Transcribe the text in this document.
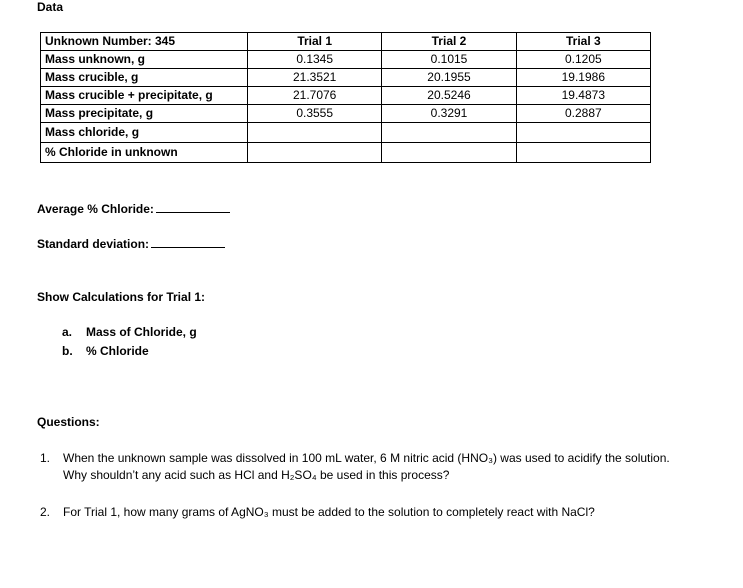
Data
Unknown Number: 345	Trial 1	Trial 2	Trial 3
Mass unknown, g	0.1345	0.1015	0.1205
Mass crucible, g	21.3521	20.1955	19.1986
Mass crucible + precipitate, g	21.7076	20.5246	19.4873
Mass precipitate, g	0.3555	0.3291	0.2887
Mass chloride, g			
% Chloride in unknown			
Average % Chloride:
Standard deviation:
Show Calculations for Trial 1:
a. Mass of Chloride, g
b. % Chloride
Questions:
1. When the unknown sample was dissolved in 100 mL water, 6 M nitric acid (HNO₃) was used to acidify the solution. Why shouldn’t any acid such as HCl and H₂SO₄ be used in this process?
2. For Trial 1, how many grams of AgNO₃ must be added to the solution to completely react with NaCl?
